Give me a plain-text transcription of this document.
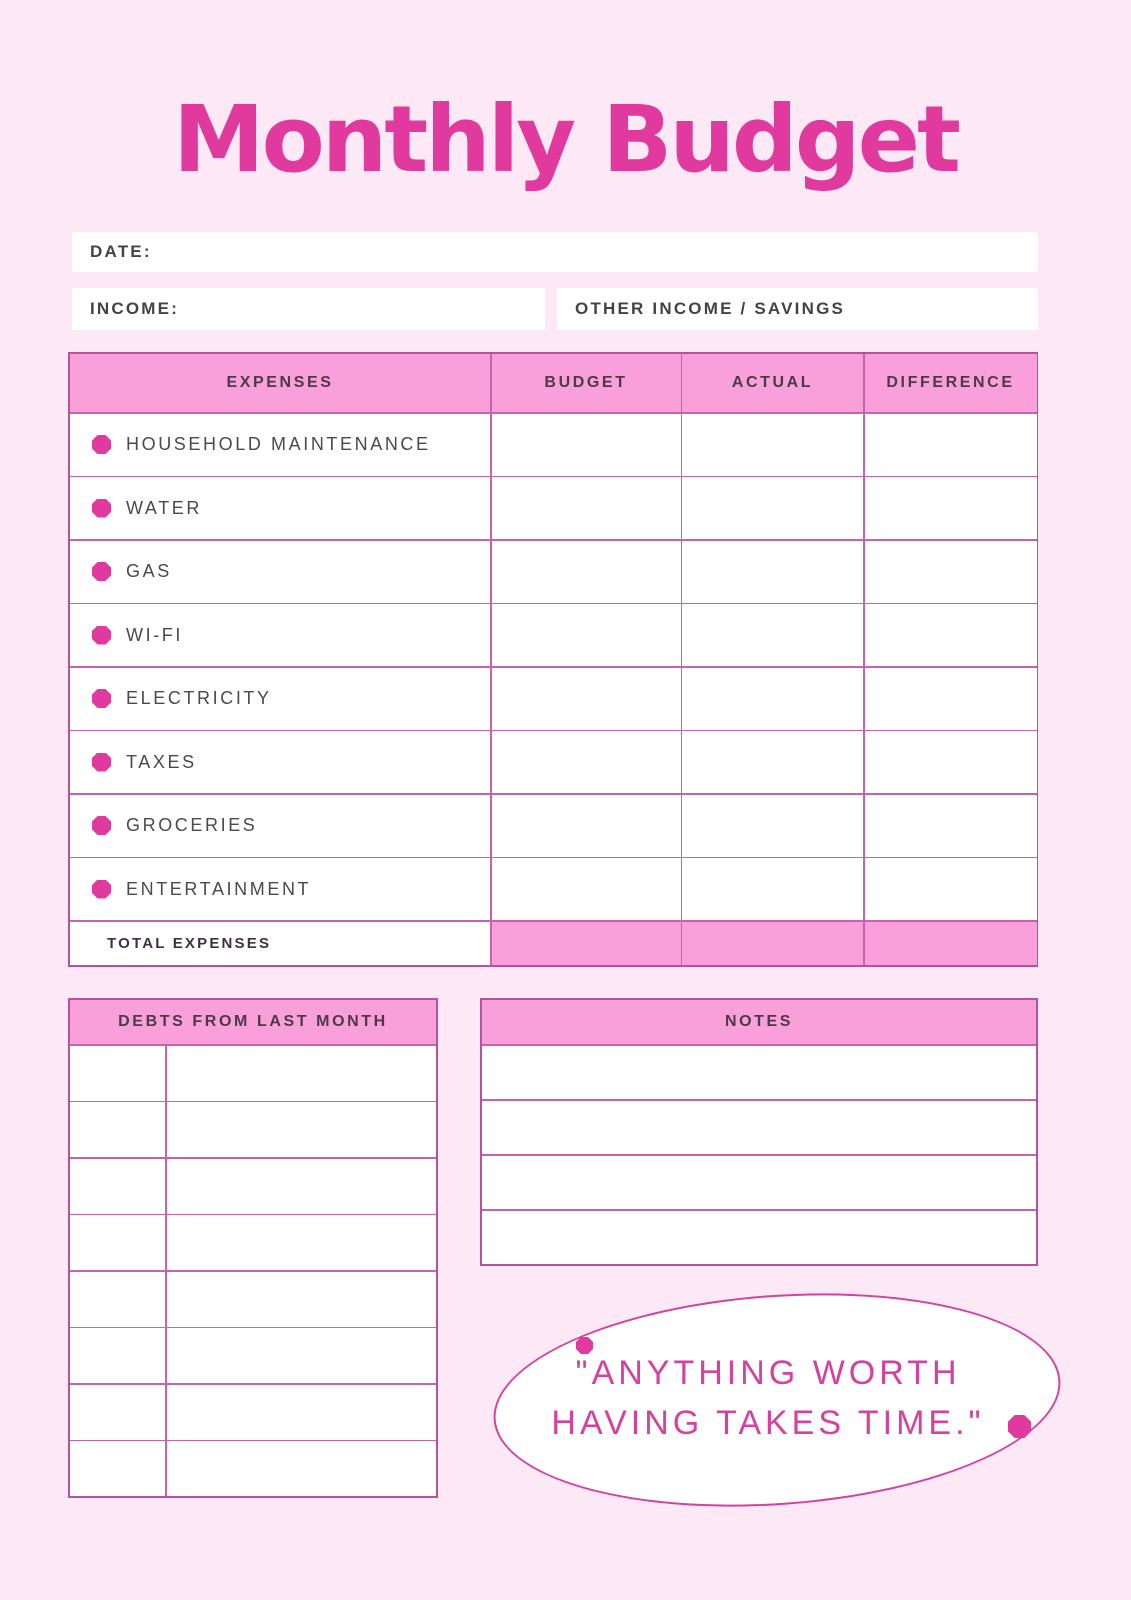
Monthly Budget
DATE:
INCOME:	OTHER INCOME / SAVINGS
EXPENSES	BUDGET	ACTUAL	DIFFERENCE
HOUSEHOLD MAINTENANCE
WATER
GAS
WI-FI
ELECTRICITY
TAXES
GROCERIES
ENTERTAINMENT
TOTAL EXPENSES
DEBTS FROM LAST MONTH	NOTES
"ANYTHING WORTH
HAVING TAKES TIME."
